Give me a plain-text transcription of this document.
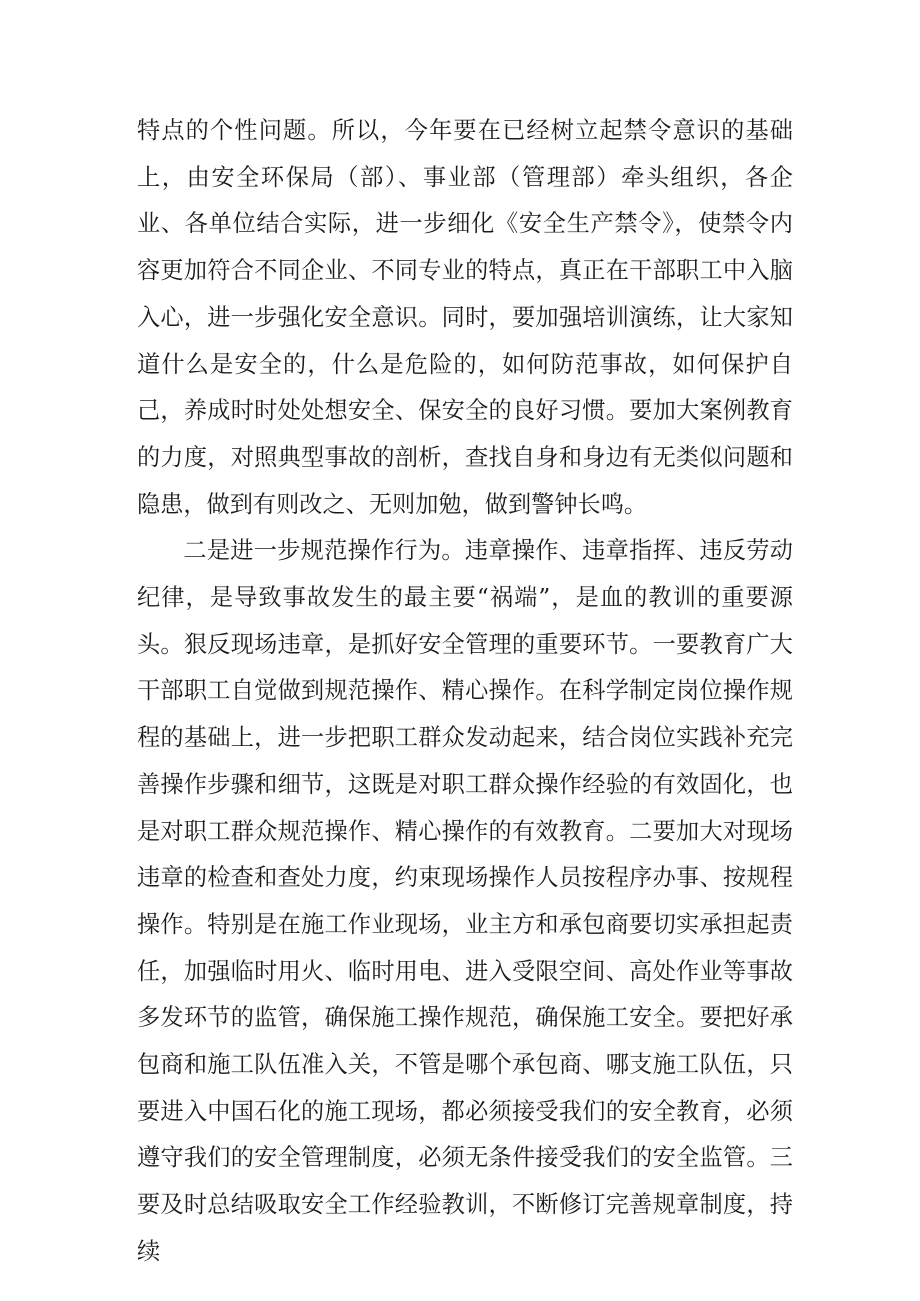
特点的个性问题。所以，今年要在已经树立起禁令意识的基础上，由安全环保局（部）、事业部（管理部）牵头组织，各企业、各单位结合实际，进一步细化《安全生产禁令》，使禁令内容更加符合不同企业、不同专业的特点，真正在干部职工中入脑入心，进一步强化安全意识。同时，要加强培训演练，让大家知道什么是安全的，什么是危险的，如何防范事故，如何保护自己，养成时时处处想安全、保安全的良好习惯。要加大案例教育的力度，对照典型事故的剖析，查找自身和身边有无类似问题和隐患，做到有则改之、无则加勉，做到警钟长鸣。

二是进一步规范操作行为。违章操作、违章指挥、违反劳动纪律，是导致事故发生的最主要“祸端”，是血的教训的重要源头。狠反现场违章，是抓好安全管理的重要环节。一要教育广大干部职工自觉做到规范操作、精心操作。在科学制定岗位操作规程的基础上，进一步把职工群众发动起来，结合岗位实践补充完善操作步骤和细节，这既是对职工群众操作经验的有效固化，也是对职工群众规范操作、精心操作的有效教育。二要加大对现场违章的检查和查处力度，约束现场操作人员按程序办事、按规程操作。特别是在施工作业现场，业主方和承包商要切实承担起责任，加强临时用火、临时用电、进入受限空间、高处作业等事故多发环节的监管，确保施工操作规范，确保施工安全。要把好承包商和施工队伍准入关，不管是哪个承包商、哪支施工队伍，只要进入中国石化的施工现场，都必须接受我们的安全教育，必须遵守我们的安全管理制度，必须无条件接受我们的安全监管。三要及时总结吸取安全工作经验教训，不断修订完善规章制度，持续
